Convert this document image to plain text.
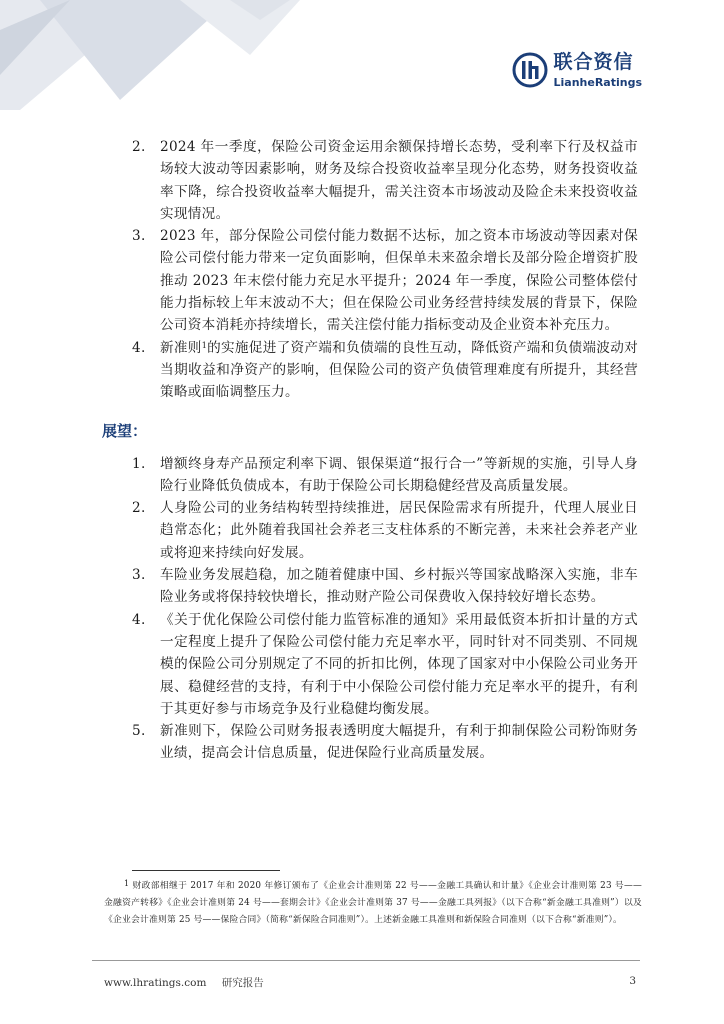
联合资信
LianheRatings
2. 2024 年一季度，保险公司资金运用余额保持增长态势，受利率下行及权益市场较大波动等因素影响，财务及综合投资收益率呈现分化态势，财务投资收益率下降，综合投资收益率大幅提升，需关注资本市场波动及险企未来投资收益实现情况。
3. 2023 年，部分保险公司偿付能力数据不达标，加之资本市场波动等因素对保险公司偿付能力带来一定负面影响，但保单未来盈余增长及部分险企增资扩股推动 2023 年末偿付能力充足水平提升；2024 年一季度，保险公司整体偿付能力指标较上年末波动不大；但在保险公司业务经营持续发展的背景下，保险公司资本消耗亦持续增长，需关注偿付能力指标变动及企业资本补充压力。
4. 新准则$^1$的实施促进了资产端和负债端的良性互动，降低资产端和负债端波动对当期收益和净资产的影响，但保险公司的资产负债管理难度有所提升，其经营策略或面临调整压力。
展望：
1. 增额终身寿产品预定利率下调、银保渠道“报行合一”等新规的实施，引导人身险行业降低负债成本，有助于保险公司长期稳健经营及高质量发展。
2. 人身险公司的业务结构转型持续推进，居民保险需求有所提升，代理人展业日趋常态化；此外随着我国社会养老三支柱体系的不断完善，未来社会养老产业或将迎来持续向好发展。
3. 车险业务发展趋稳，加之随着健康中国、乡村振兴等国家战略深入实施，非车险业务或将保持较快增长，推动财产险公司保费收入保持较好增长态势。
4. 《关于优化保险公司偿付能力监管标准的通知》采用最低资本折扣计量的方式一定程度上提升了保险公司偿付能力充足率水平，同时针对不同类别、不同规模的保险公司分别规定了不同的折扣比例，体现了国家对中小保险公司业务开展、稳健经营的支持，有利于中小保险公司偿付能力充足率水平的提升，有利于其更好参与市场竞争及行业稳健均衡发展。
5. 新准则下，保险公司财务报表透明度大幅提升，有利于抑制保险公司粉饰财务业绩，提高会计信息质量，促进保险行业高质量发展。
1 财政部相继于 2017 年和 2020 年修订颁布了《企业会计准则第 22 号——金融工具确认和计量》《企业会计准则第 23 号——金融资产转移》《企业会计准则第 24 号——套期会计》《企业会计准则第 37 号——金融工具列报》（以下合称“新金融工具准则”）以及《企业会计准则第 25 号——保险合同》（简称“新保险合同准则”）。上述新金融工具准则和新保险合同准则（以下合称“新准则”）。
www.lhratings.com 研究报告	3
